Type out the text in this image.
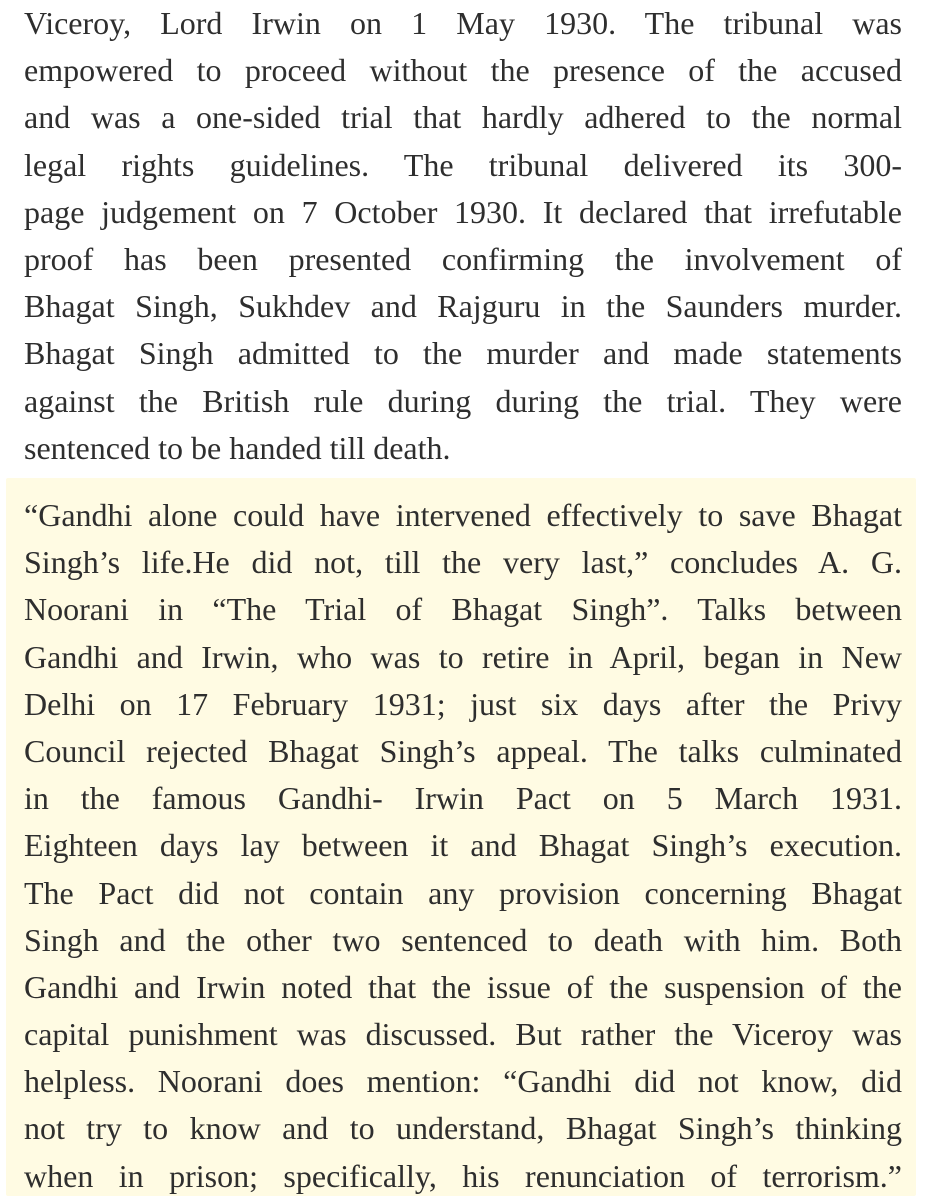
Viceroy, Lord Irwin on 1 May 1930. The tribunal was
empowered to proceed without the presence of the accused
and was a one-sided trial that hardly adhered to the normal
legal rights guidelines. The tribunal delivered its 300-
page judgement on 7 October 1930. It declared that irrefutable
proof has been presented confirming the involvement of
Bhagat Singh, Sukhdev and Rajguru in the Saunders murder.
Bhagat Singh admitted to the murder and made statements
against the British rule during during the trial. They were
sentenced to be handed till death.
“Gandhi alone could have intervened effectively to save Bhagat
Singh’s life.He did not, till the very last,” concludes A. G.
Noorani in “The Trial of Bhagat Singh”. Talks between
Gandhi and Irwin, who was to retire in April, began in New
Delhi on 17 February 1931; just six days after the Privy
Council rejected Bhagat Singh’s appeal. The talks culminated
in the famous Gandhi- Irwin Pact on 5 March 1931.
Eighteen days lay between it and Bhagat Singh’s execution.
The Pact did not contain any provision concerning Bhagat
Singh and the other two sentenced to death with him. Both
Gandhi and Irwin noted that the issue of the suspension of the
capital punishment was discussed. But rather the Viceroy was
helpless. Noorani does mention: “Gandhi did not know, did
not try to know and to understand, Bhagat Singh’s thinking
when in prison; specifically, his renunciation of terrorism.”
